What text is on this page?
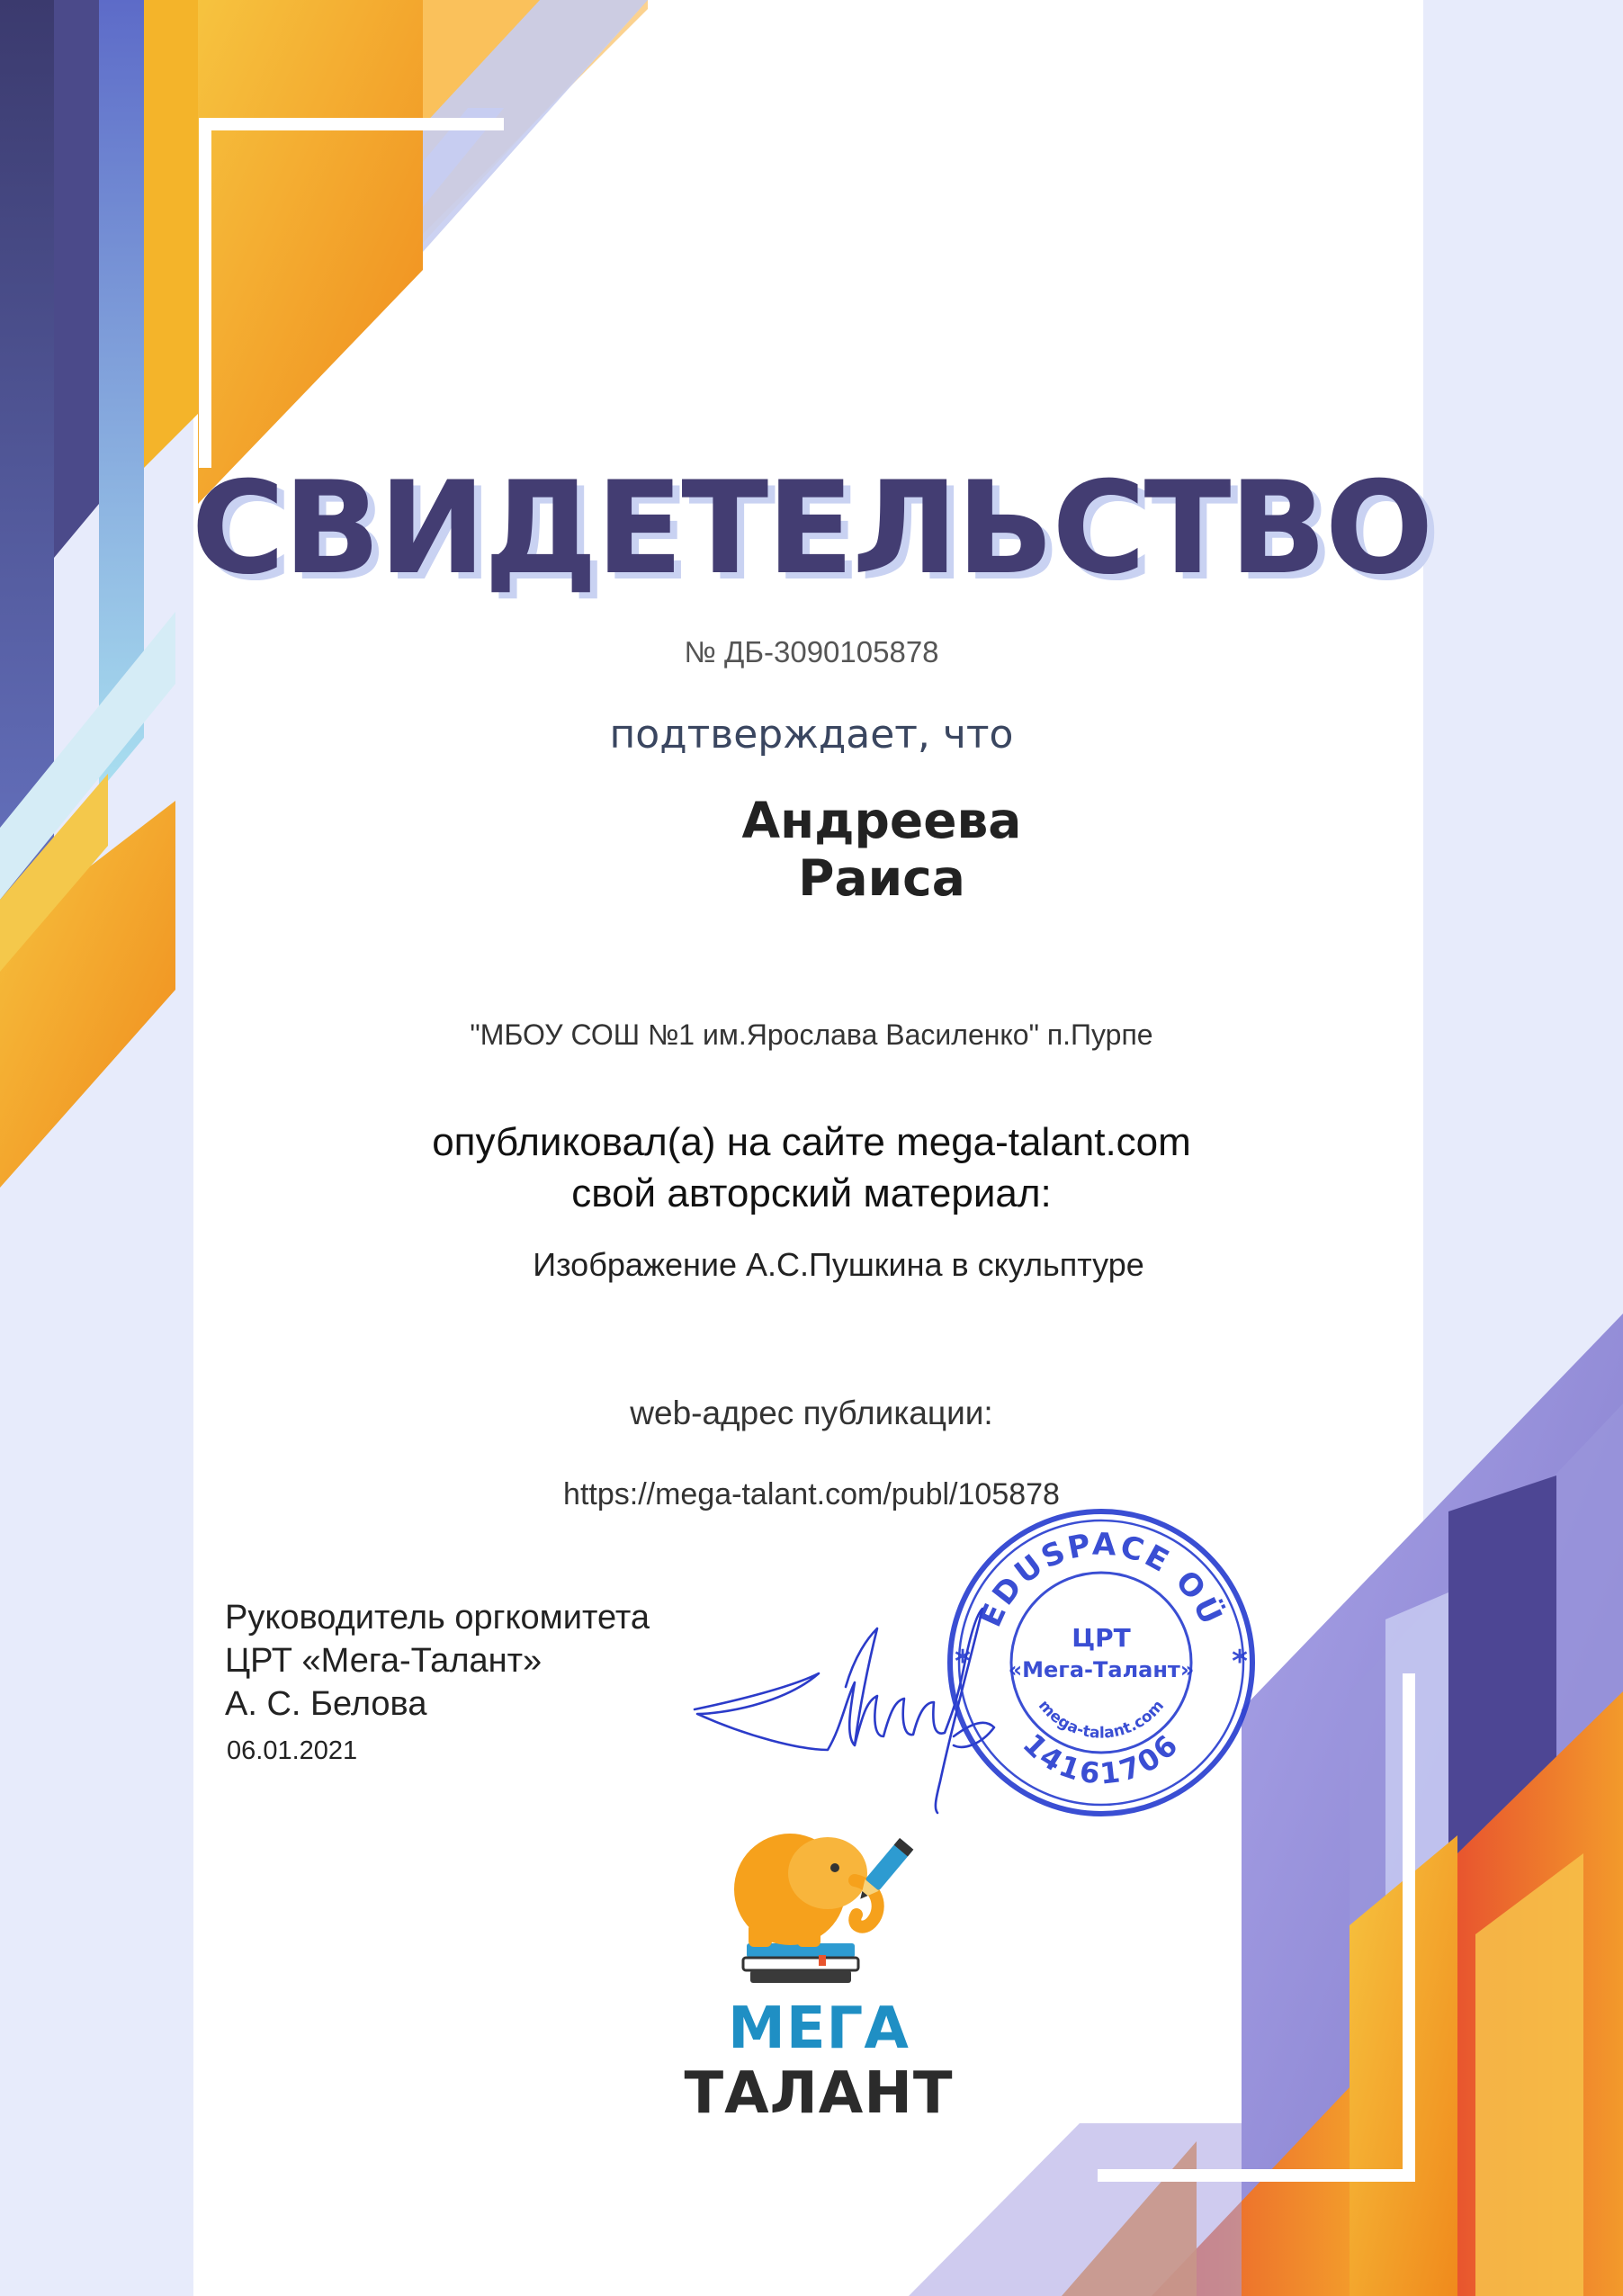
СВИДЕТЕЛЬСТВО
№ ДБ-3090105878
подтверждает, что
Андреева Раиса
"МБОУ СОШ №1 им.Ярослава Василенко" п.Пурпе
опубликовал(а) на сайте mega-talant.com
свой авторский материал:
Изображение А.С.Пушкина в скульптуре
web-адрес публикации:
https://mega-talant.com/publ/105878
Руководитель оргкомитета
ЦРТ «Мега-Талант»
А. С. Белова
06.01.2021
EDUSPACE OÜ
14161706
mega-talant.com
ЦРТ
«Мега-Талант»
*	*
МЕГА
ТАЛАНТ
